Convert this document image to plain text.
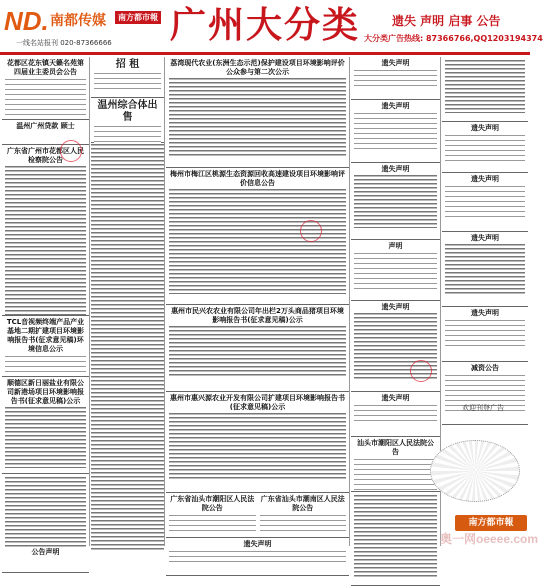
ND. 南都传媒	南方都市報
一线名站报刊 020-87366666 广州大分类	遗失 声明 启事 公告
大分类广告热线: 87366766,QQ1203194374
花都区花东镇天籁名苑第四届业主委员会公告
温州广州贷款 顾士
广东省广州市花都区人民检察院公告
TCL音视频终端产品产业基地二期扩建项目环境影响报告书(征求意见稿)环境信息公示
顺德区新日丽盐业有限公司新港场项目环境影响报告书(征求意见稿)公示
公告声明
招 租
温州综合体出售
荔湾现代农业(东洲生态示范)保护建设项目环境影响评价公众参与第二次公示
梅州市梅江区桃源生态资源回收高速建设项目环境影响评价信息公告
惠州市民兴农农业有限公司年出栏2万头商品猪项目环境影响报告书(征求意见稿)公示
惠州市惠兴源农业开发有限公司扩建项目环境影响报告书(征求意见稿)公示
广东省汕头市潮阳区人民法院公告
广东省汕头市潮南区人民法院公告
遗失声明
遗失声明
遗失声明
遗失声明
声明
遗失声明
遗失声明
汕头市潮阳区人民法院公告
遗失声明
遗失声明
遗失声明
遗失声明
减资公告
欢迎刊登广告
南方都市報
奥一网oeeee.com
